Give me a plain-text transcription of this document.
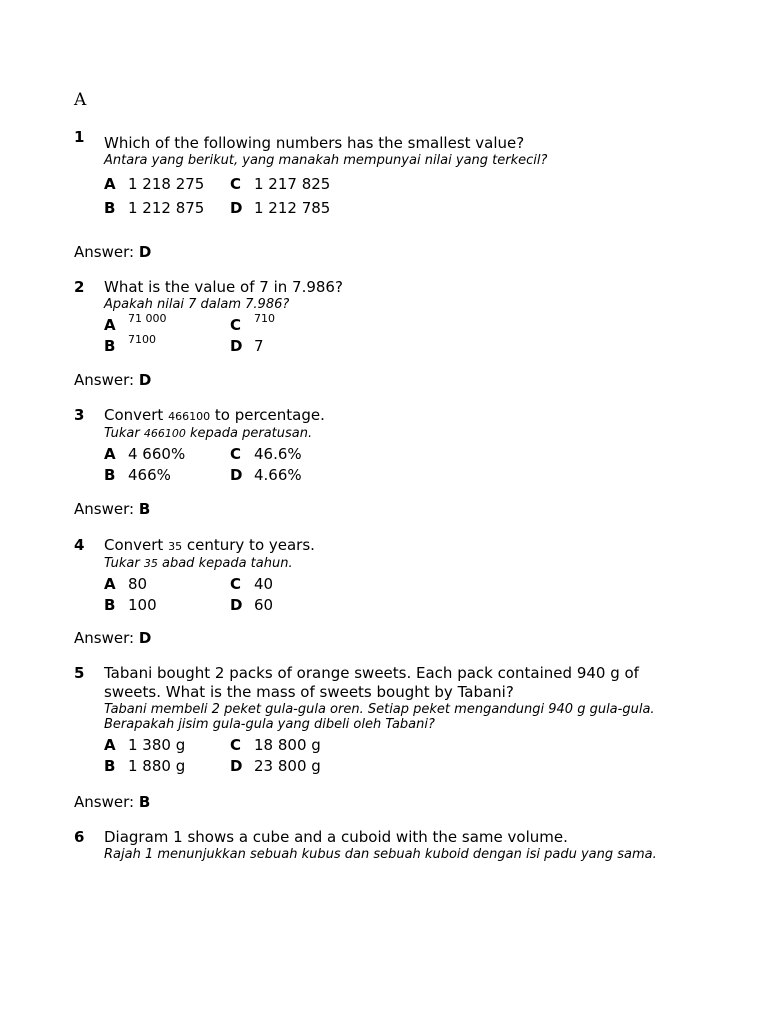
A
1 Which of the following numbers has the smallest value?
Antara yang berikut, yang manakah mempunyai nilai yang terkecil?
A 1 218 275 C 1 217 825
B 1 212 875 D 1 212 785
Answer: D
2 What is the value of 7 in 7.986?
Apakah nilai 7 dalam 7.986?
A	71 000	C	710
B	7100	D 7
Answer: D
3 Convert 466100 to percentage.
Tukar 466100 kepada peratusan.
A 4 660%	C 46.6%
B 466%	D 4.66%
Answer: B
4 Convert 35 century to years.
Tukar 35 abad kepada tahun.
A 80	C 40
B 100	D 60
Answer: D
5 Tabani bought 2 packs of orange sweets. Each pack contained 940 g of sweets. What is the mass of sweets bought by Tabani?
Tabani membeli 2 peket gula-gula oren. Setiap peket mengandungi 940 g gula-gula. Berapakah jisim gula-gula yang dibeli oleh Tabani?
A 1 380 g	C 18 800 g
B 1 880 g	D 23 800 g
Answer: B
6 Diagram 1 shows a cube and a cuboid with the same volume.
Rajah 1 menunjukkan sebuah kubus dan sebuah kuboid dengan isi padu yang sama.
